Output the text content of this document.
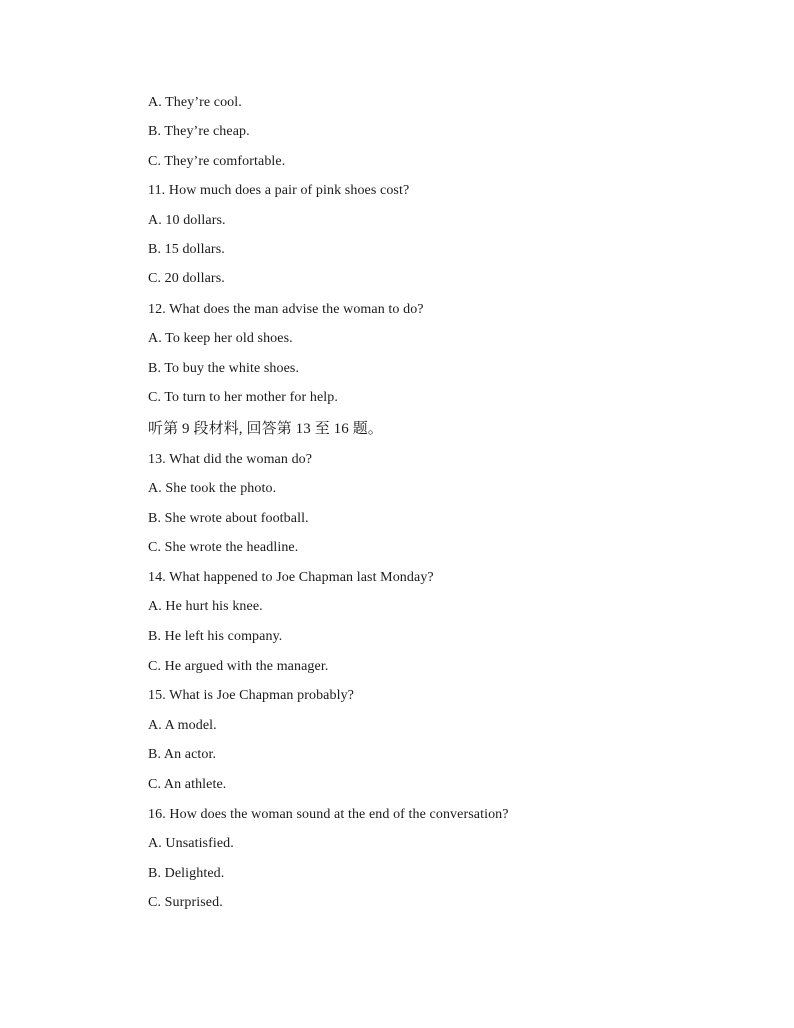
A. They’re cool.
B. They’re cheap.
C. They’re comfortable.
11. How much does a pair of pink shoes cost?
A. 10 dollars.
B. 15 dollars.
C. 20 dollars.
12. What does the man advise the woman to do?
A. To keep her old shoes.
B. To buy the white shoes.
C. To turn to her mother for help.
听第 9 段材料, 回答第 13 至 16 题。
13. What did the woman do?
A. She took the photo.
B. She wrote about football.
C. She wrote the headline.
14. What happened to Joe Chapman last Monday?
A. He hurt his knee.
B. He left his company.
C. He argued with the manager.
15. What is Joe Chapman probably?
A. A model.
B. An actor.
C. An athlete.
16. How does the woman sound at the end of the conversation?
A. Unsatisfied.
B. Delighted.
C. Surprised.
